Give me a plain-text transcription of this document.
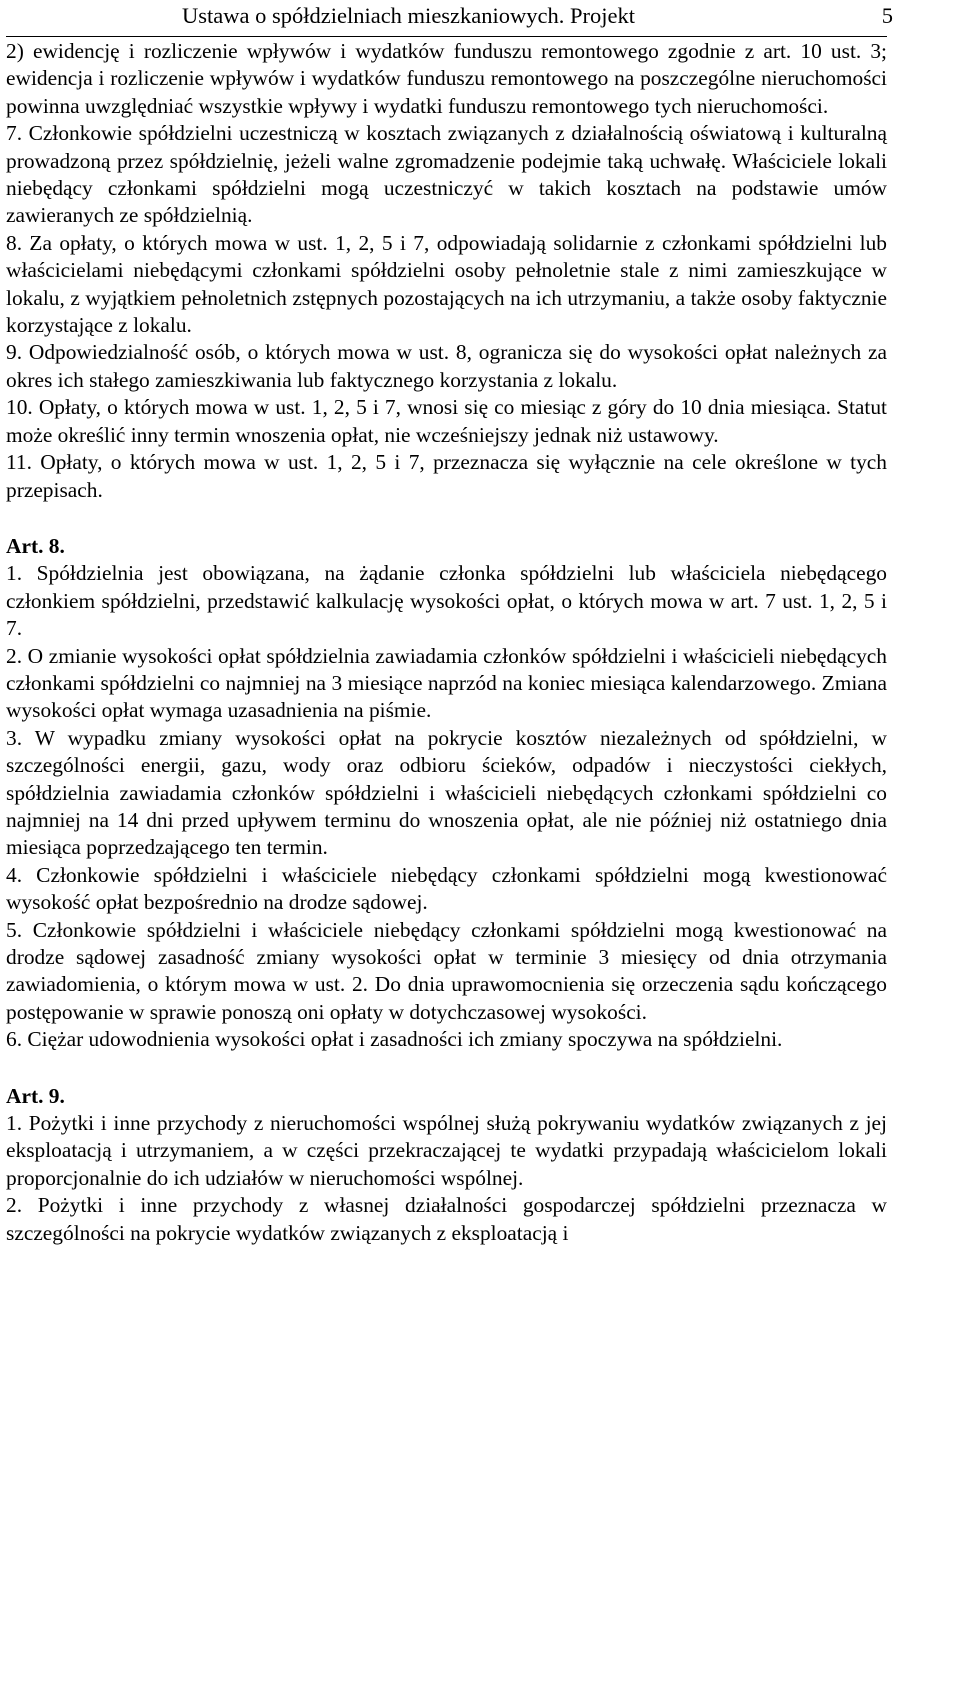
Ustawa o spółdzielniach mieszkaniowych. Projekt	5

2) ewidencję i rozliczenie wpływów i wydatków funduszu remontowego zgodnie z art. 10 ust. 3; ewidencja i rozliczenie wpływów i wydatków funduszu remontowego na poszczególne nieruchomości powinna uwzględniać wszystkie wpływy i wydatki funduszu remontowego tych nieruchomości.

7. Członkowie spółdzielni uczestniczą w kosztach związanych z działalnością oświatową i kulturalną prowadzoną przez spółdzielnię, jeżeli walne zgromadzenie podejmie taką uchwałę. Właściciele lokali niebędący członkami spółdzielni mogą uczestniczyć w takich kosztach na podstawie umów zawieranych ze spółdzielnią.

8. Za opłaty, o których mowa w ust. 1, 2, 5 i 7, odpowiadają solidarnie z członkami spółdzielni lub właścicielami niebędącymi członkami spółdzielni osoby pełnoletnie stale z nimi zamieszkujące w lokalu, z wyjątkiem pełnoletnich zstępnych pozostających na ich utrzymaniu, a także osoby faktycznie korzystające z lokalu.

9. Odpowiedzialność osób, o których mowa w ust. 8, ogranicza się do wysokości opłat należnych za okres ich stałego zamieszkiwania lub faktycznego korzystania z lokalu.

10. Opłaty, o których mowa w ust. 1, 2, 5 i 7, wnosi się co miesiąc z góry do 10 dnia miesiąca. Statut może określić inny termin wnoszenia opłat, nie wcześniejszy jednak niż ustawowy.

11. Opłaty, o których mowa w ust. 1, 2, 5 i 7, przeznacza się wyłącznie na cele określone w tych przepisach.

Art. 8.

1. Spółdzielnia jest obowiązana, na żądanie członka spółdzielni lub właściciela niebędącego członkiem spółdzielni, przedstawić kalkulację wysokości opłat, o których mowa w art. 7 ust. 1, 2, 5 i 7.

2. O zmianie wysokości opłat spółdzielnia zawiadamia członków spółdzielni i właścicieli niebędących członkami spółdzielni co najmniej na 3 miesiące naprzód na koniec miesiąca kalendarzowego. Zmiana wysokości opłat wymaga uzasadnienia na piśmie.

3. W wypadku zmiany wysokości opłat na pokrycie kosztów niezależnych od spółdzielni, w szczególności energii, gazu, wody oraz odbioru ścieków, odpadów i nieczystości ciekłych, spółdzielnia zawiadamia członków spółdzielni i właścicieli niebędących członkami spółdzielni co najmniej na 14 dni przed upływem terminu do wnoszenia opłat, ale nie później niż ostatniego dnia miesiąca poprzedzającego ten termin.

4. Członkowie spółdzielni i właściciele niebędący członkami spółdzielni mogą kwestionować wysokość opłat bezpośrednio na drodze sądowej.

5. Członkowie spółdzielni i właściciele niebędący członkami spółdzielni mogą kwestionować na drodze sądowej zasadność zmiany wysokości opłat w terminie 3 miesięcy od dnia otrzymania zawiadomienia, o którym mowa w ust. 2. Do dnia uprawomocnienia się orzeczenia sądu kończącego postępowanie w sprawie ponoszą oni opłaty w dotychczasowej wysokości.

6. Ciężar udowodnienia wysokości opłat i zasadności ich zmiany spoczywa na spółdzielni.

Art. 9.

1. Pożytki i inne przychody z nieruchomości wspólnej służą pokrywaniu wydatków związanych z jej eksploatacją i utrzymaniem, a w części przekraczającej te wydatki przypadają właścicielom lokali proporcjonalnie do ich udziałów w nieruchomości wspólnej.

2. Pożytki i inne przychody z własnej działalności gospodarczej spółdzielni przeznacza w szczególności na pokrycie wydatków związanych z eksploatacją i
